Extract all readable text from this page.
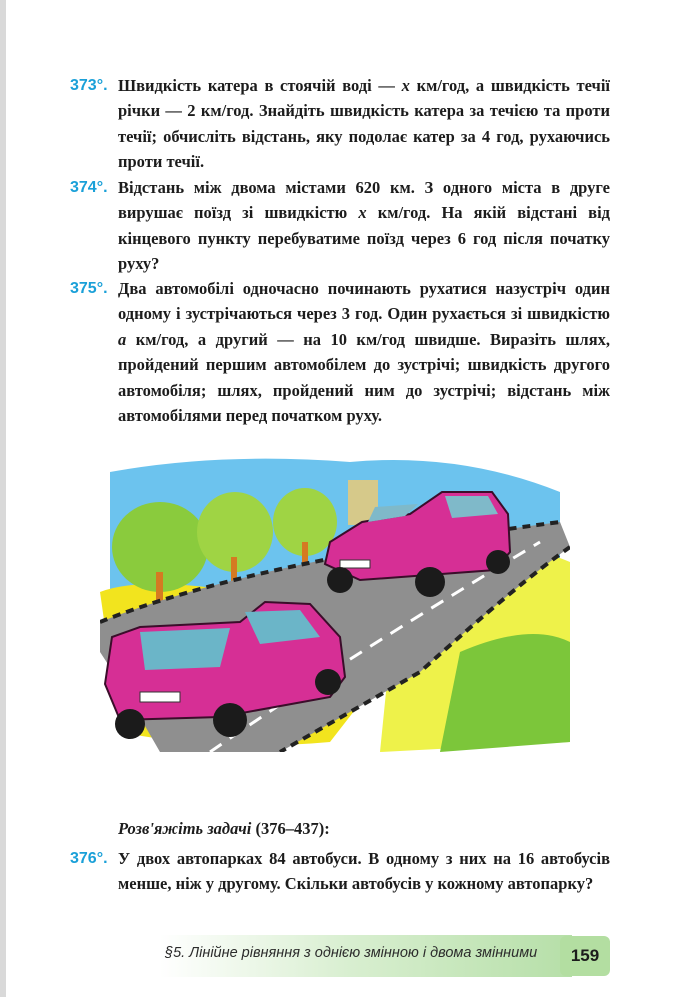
373°. Швидкість катера в стоячій воді — x км/год, а швидкість течії річки — 2 км/год. Знайдіть швидкість катера за течією та проти течії; обчисліть відстань, яку подолає катер за 4 год, рухаючись проти течії.
374°. Відстань між двома містами 620 км. З одного міста в друге вирушає поїзд зі швидкістю x км/год. На якій відстані від кінцевого пункту перебуватиме поїзд через 6 год після початку руху?
375°. Два автомобілі одночасно починають рухатися назустріч один одному і зустрічаються через 3 год. Один рухається зі швидкістю a км/год, а другий — на 10 км/год швидше. Виразіть шлях, пройдений першим автомобілем до зустрічі; швидкість другого автомобіля; шлях, пройдений ним до зустрічі; відстань між автомобілями перед початком руху.
Розв'яжіть задачі (376–437):
376°. У двох автопарках 84 автобуси. В одному з них на 16 автобусів менше, ніж у другому. Скільки автобусів у кожному автопарку?
§5. Лінійне рівняння з однією змінною і двома змінними	159
